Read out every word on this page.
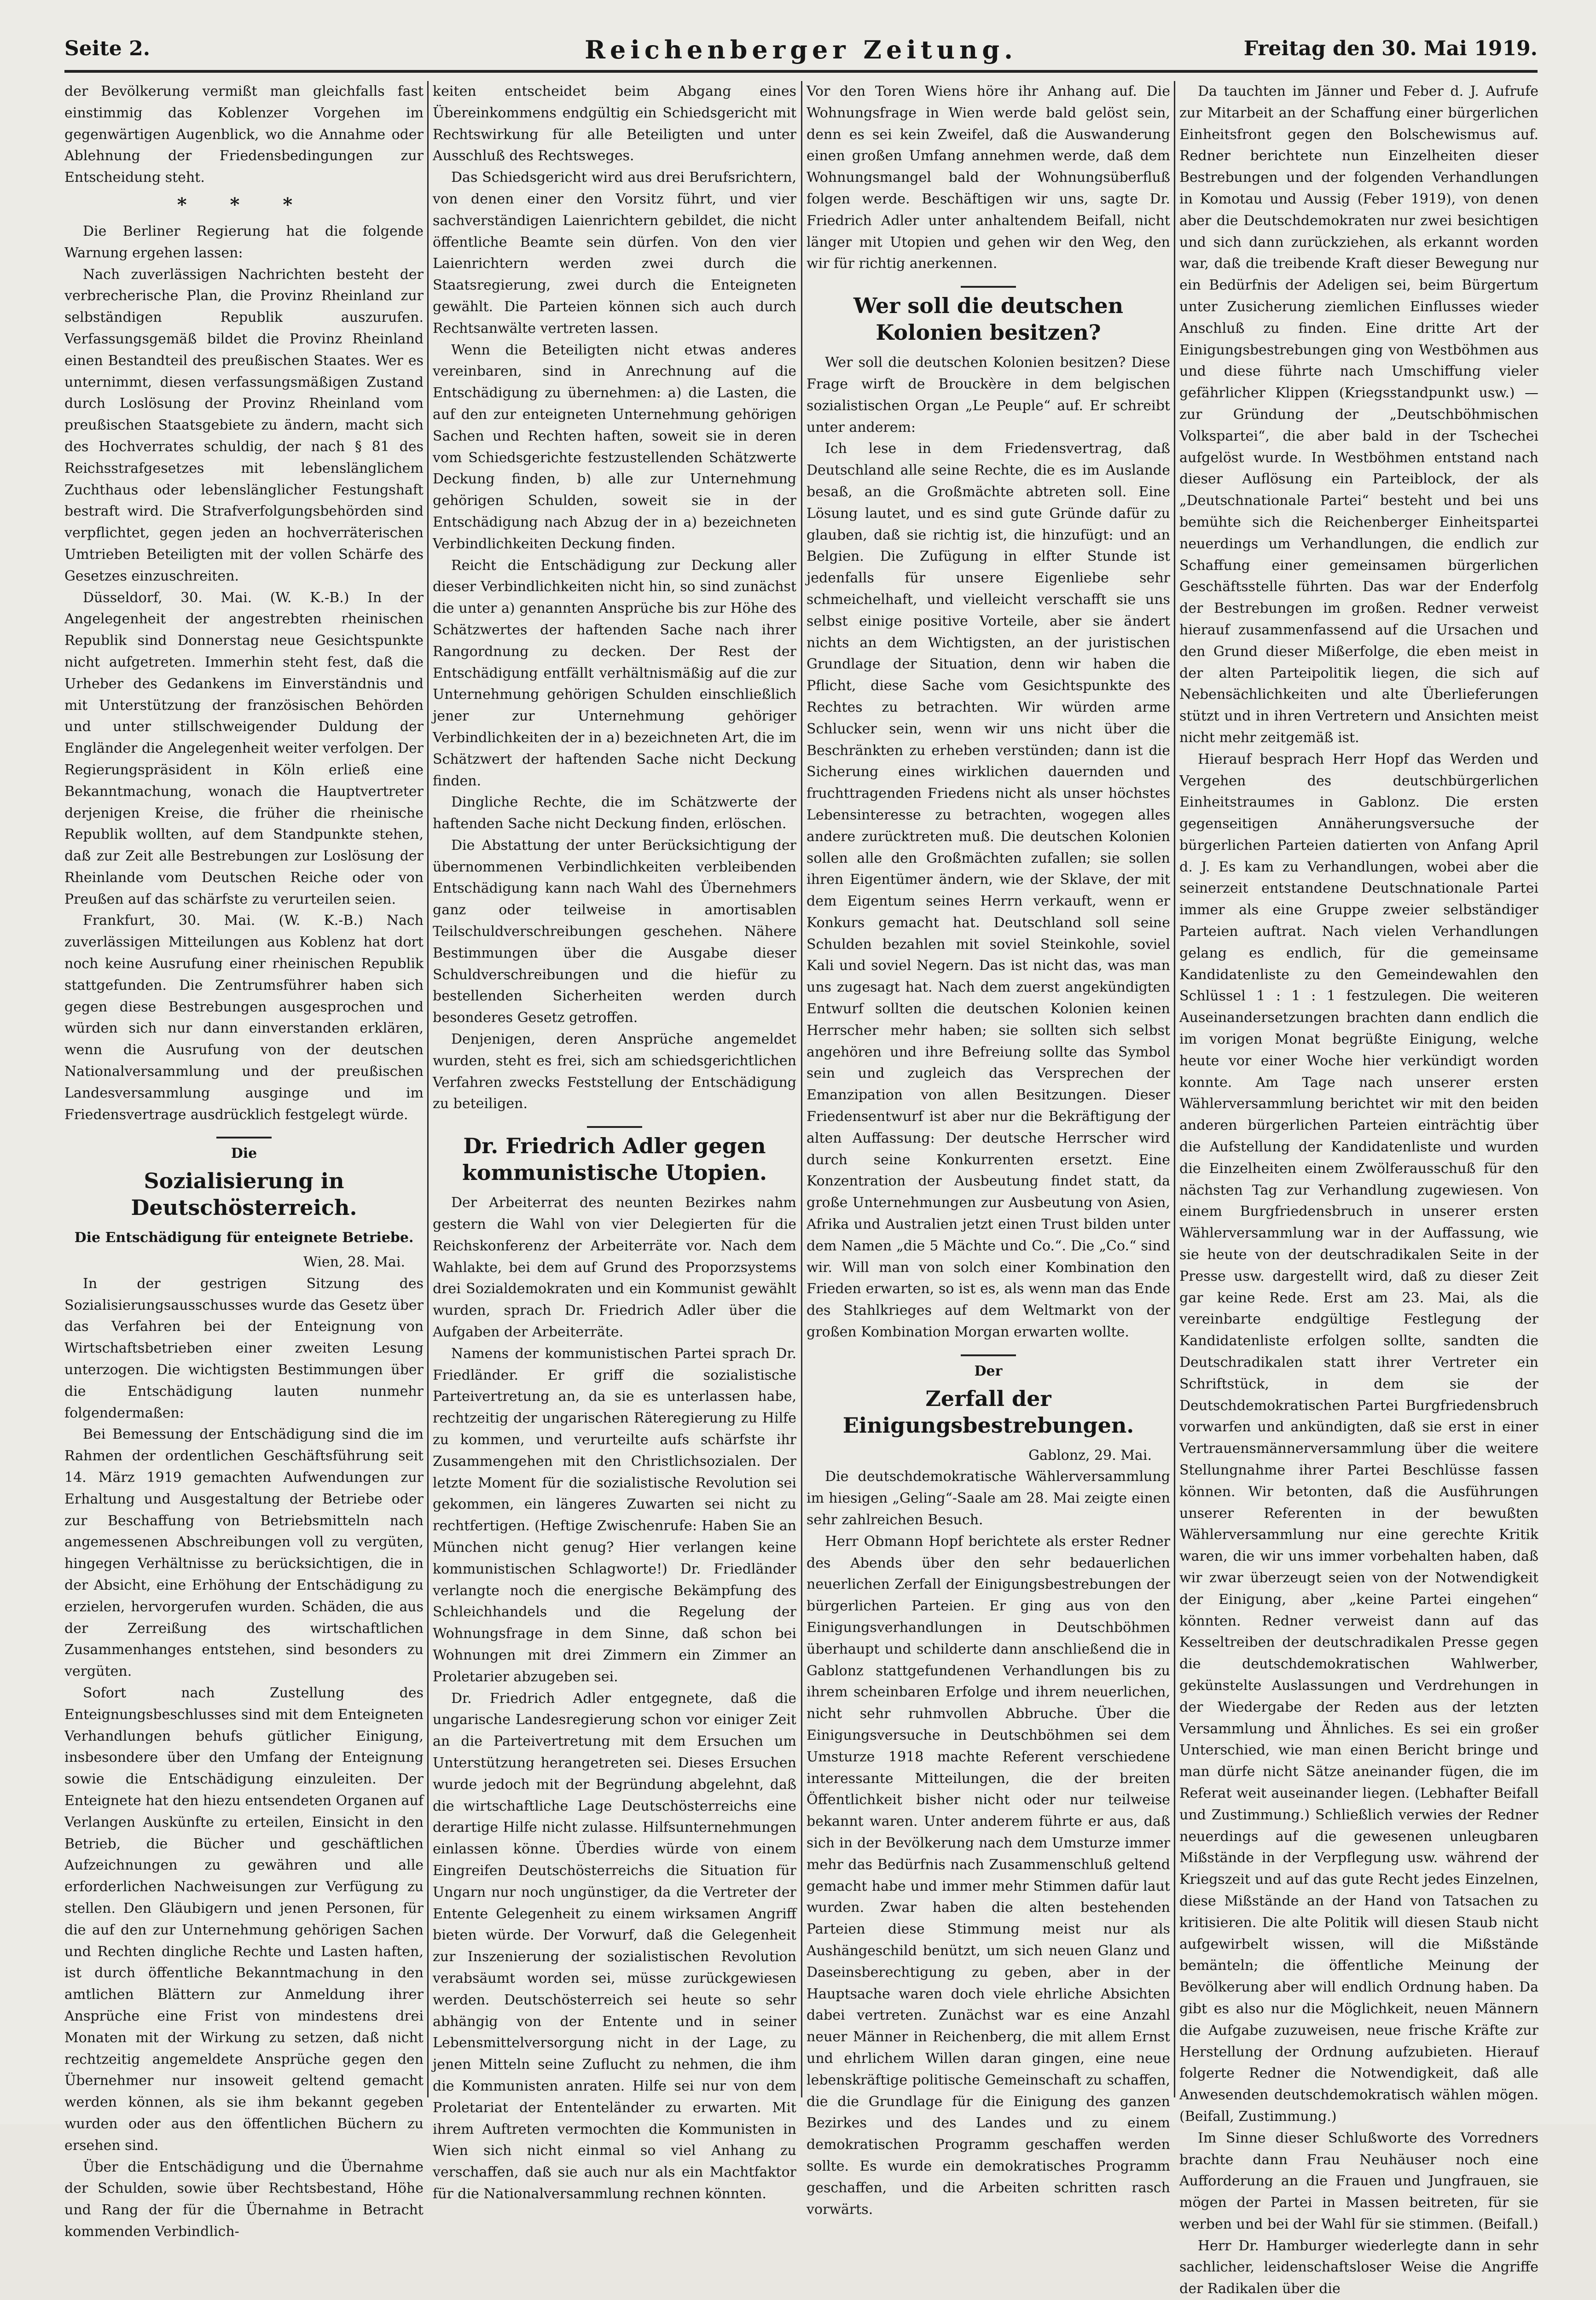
Seite 2.	Reichenberger Zeitung.	Freitag den 30. Mai 1919.

der Bevölkerung vermißt man gleichfalls fast einstimmig das Koblenzer Vorgehen im gegenwärtigen Augenblick, wo die Annahme oder Ablehnung der Friedensbedingungen zur Entscheidung steht.

* * *

Die Berliner Regierung hat die folgende Warnung ergehen lassen:

Nach zuverlässigen Nachrichten besteht der verbrecherische Plan, die Provinz Rheinland zur selbständigen Republik auszurufen. Verfassungsgemäß bildet die Provinz Rheinland einen Bestandteil des preußischen Staates. Wer es unternimmt, diesen verfassungsmäßigen Zustand durch Loslösung der Provinz Rheinland vom preußischen Staatsgebiete zu ändern, macht sich des Hochverrates schuldig, der nach § 81 des Reichsstrafgesetzes mit lebenslänglichem Zuchthaus oder lebenslänglicher Festungshaft bestraft wird. Die Strafverfolgungsbehörden sind verpflichtet, gegen jeden an hochverräterischen Umtrieben Beteiligten mit der vollen Schärfe des Gesetzes einzuschreiten.

Düsseldorf, 30. Mai. (W. K.-B.) In der Angelegenheit der angestrebten rheinischen Republik sind Donnerstag neue Gesichtspunkte nicht aufgetreten. Immerhin steht fest, daß die Urheber des Gedankens im Einverständnis und mit Unterstützung der französischen Behörden und unter stillschweigender Duldung der Engländer die Angelegenheit weiter verfolgen. Der Regierungspräsident in Köln erließ eine Bekanntmachung, wonach die Hauptvertreter derjenigen Kreise, die früher die rheinische Republik wollten, auf dem Standpunkte stehen, daß zur Zeit alle Bestrebungen zur Loslösung der Rheinlande vom Deutschen Reiche oder von Preußen auf das schärfste zu verurteilen seien.

Frankfurt, 30. Mai. (W. K.-B.) Nach zuverlässigen Mitteilungen aus Koblenz hat dort noch keine Ausrufung einer rheinischen Republik stattgefunden. Die Zentrumsführer haben sich gegen diese Bestrebungen ausgesprochen und würden sich nur dann einverstanden erklären, wenn die Ausrufung von der deutschen Nationalversammlung und der preußischen Landesversammlung ausginge und im Friedensvertrage ausdrücklich festgelegt würde.

Die
Sozialisierung in Deutschösterreich.
Die Entschädigung für enteignete Betriebe.
Wien, 28. Mai.

In der gestrigen Sitzung des Sozialisierungsausschusses wurde das Gesetz über das Verfahren bei der Enteignung von Wirtschaftsbetrieben einer zweiten Lesung unterzogen. Die wichtigsten Bestimmungen über die Entschädigung lauten nunmehr folgendermaßen:

Bei Bemessung der Entschädigung sind die im Rahmen der ordentlichen Geschäftsführung seit 14. März 1919 gemachten Aufwendungen zur Erhaltung und Ausgestaltung der Betriebe oder zur Beschaffung von Betriebsmitteln nach angemessenen Abschreibungen voll zu vergüten, hingegen Verhältnisse zu berücksichtigen, die in der Absicht, eine Erhöhung der Entschädigung zu erzielen, hervorgerufen wurden. Schäden, die aus der Zerreißung des wirtschaftlichen Zusammenhanges entstehen, sind besonders zu vergüten.

Sofort nach Zustellung des Enteignungsbeschlusses sind mit dem Enteigneten Verhandlungen behufs gütlicher Einigung, insbesondere über den Umfang der Enteignung sowie die Entschädigung einzuleiten. Der Enteignete hat den hiezu entsendeten Organen auf Verlangen Auskünfte zu erteilen, Einsicht in den Betrieb, die Bücher und geschäftlichen Aufzeichnungen zu gewähren und alle erforderlichen Nachweisungen zur Verfügung zu stellen. Den Gläubigern und jenen Personen, für die auf den zur Unternehmung gehörigen Sachen und Rechten dingliche Rechte und Lasten haften, ist durch öffentliche Bekanntmachung in den amtlichen Blättern zur Anmeldung ihrer Ansprüche eine Frist von mindestens drei Monaten mit der Wirkung zu setzen, daß nicht rechtzeitig angemeldete Ansprüche gegen den Übernehmer nur insoweit geltend gemacht werden können, als sie ihm bekannt gegeben wurden oder aus den öffentlichen Büchern zu ersehen sind.

Über die Entschädigung und die Übernahme der Schulden, sowie über Rechtsbestand, Höhe und Rang der für die Übernahme in Betracht kommenden Verbindlich-

keiten entscheidet beim Abgang eines Übereinkommens endgültig ein Schiedsgericht mit Rechtswirkung für alle Beteiligten und unter Ausschluß des Rechtsweges.

Das Schiedsgericht wird aus drei Berufsrichtern, von denen einer den Vorsitz führt, und vier sachverständigen Laienrichtern gebildet, die nicht öffentliche Beamte sein dürfen. Von den vier Laienrichtern werden zwei durch die Staatsregierung, zwei durch die Enteigneten gewählt. Die Parteien können sich auch durch Rechtsanwälte vertreten lassen.

Wenn die Beteiligten nicht etwas anderes vereinbaren, sind in Anrechnung auf die Entschädigung zu übernehmen: a) die Lasten, die auf den zur enteigneten Unternehmung gehörigen Sachen und Rechten haften, soweit sie in deren vom Schiedsgerichte festzustellenden Schätzwerte Deckung finden, b) alle zur Unternehmung gehörigen Schulden, soweit sie in der Entschädigung nach Abzug der in a) bezeichneten Verbindlichkeiten Deckung finden.

Reicht die Entschädigung zur Deckung aller dieser Verbindlichkeiten nicht hin, so sind zunächst die unter a) genannten Ansprüche bis zur Höhe des Schätzwertes der haftenden Sache nach ihrer Rangordnung zu decken. Der Rest der Entschädigung entfällt verhältnismäßig auf die zur Unternehmung gehörigen Schulden einschließlich jener zur Unternehmung gehöriger Verbindlichkeiten der in a) bezeichneten Art, die im Schätzwert der haftenden Sache nicht Deckung finden.

Dingliche Rechte, die im Schätzwerte der haftenden Sache nicht Deckung finden, erlöschen.

Die Abstattung der unter Berücksichtigung der übernommenen Verbindlichkeiten verbleibenden Entschädigung kann nach Wahl des Übernehmers ganz oder teilweise in amortisablen Teilschuldverschreibungen geschehen. Nähere Bestimmungen über die Ausgabe dieser Schuldverschreibungen und die hiefür zu bestellenden Sicherheiten werden durch besonderes Gesetz getroffen.

Denjenigen, deren Ansprüche angemeldet wurden, steht es frei, sich am schiedsgerichtlichen Verfahren zwecks Feststellung der Entschädigung zu beteiligen.

Dr. Friedrich Adler gegen kommunistische Utopien.

Der Arbeiterrat des neunten Bezirkes nahm gestern die Wahl von vier Delegierten für die Reichskonferenz der Arbeiterräte vor. Nach dem Wahlakte, bei dem auf Grund des Proporzsystems drei Sozialdemokraten und ein Kommunist gewählt wurden, sprach Dr. Friedrich Adler über die Aufgaben der Arbeiterräte.

Namens der kommunistischen Partei sprach Dr. Friedländer. Er griff die sozialistische Parteivertretung an, da sie es unterlassen habe, rechtzeitig der ungarischen Räteregierung zu Hilfe zu kommen, und verurteilte aufs schärfste ihr Zusammengehen mit den Christlichsozialen. Der letzte Moment für die sozialistische Revolution sei gekommen, ein längeres Zuwarten sei nicht zu rechtfertigen. (Heftige Zwischenrufe: Haben Sie an München nicht genug? Hier verlangen keine kommunistischen Schlagworte!) Dr. Friedländer verlangte noch die energische Bekämpfung des Schleichhandels und die Regelung der Wohnungsfrage in dem Sinne, daß schon bei Wohnungen mit drei Zimmern ein Zimmer an Proletarier abzugeben sei.

Dr. Friedrich Adler entgegnete, daß die ungarische Landesregierung schon vor einiger Zeit an die Parteivertretung mit dem Ersuchen um Unterstützung herangetreten sei. Dieses Ersuchen wurde jedoch mit der Begründung abgelehnt, daß die wirtschaftliche Lage Deutschösterreichs eine derartige Hilfe nicht zulasse. Hilfsunternehmungen einlassen könne. Überdies würde von einem Eingreifen Deutschösterreichs die Situation für Ungarn nur noch ungünstiger, da die Vertreter der Entente Gelegenheit zu einem wirksamen Angriff bieten würde. Der Vorwurf, daß die Gelegenheit zur Inszenierung der sozialistischen Revolution verabsäumt worden sei, müsse zurückgewiesen werden. Deutschösterreich sei heute so sehr abhängig von der Entente und in seiner Lebensmittelversorgung nicht in der Lage, zu jenen Mitteln seine Zuflucht zu nehmen, die ihm die Kommunisten anraten. Hilfe sei nur von dem Proletariat der Ententeländer zu erwarten. Mit ihrem Auftreten vermochten die Kommunisten in Wien sich nicht einmal so viel Anhang zu verschaffen, daß sie auch nur als ein Machtfaktor für die Nationalversammlung rechnen könnten.

Vor den Toren Wiens höre ihr Anhang auf. Die Wohnungsfrage in Wien werde bald gelöst sein, denn es sei kein Zweifel, daß die Auswanderung einen großen Umfang annehmen werde, daß dem Wohnungsmangel bald der Wohnungsüberfluß folgen werde. Beschäftigen wir uns, sagte Dr. Friedrich Adler unter anhaltendem Beifall, nicht länger mit Utopien und gehen wir den Weg, den wir für richtig anerkennen.

Wer soll die deutschen Kolonien besitzen?

Wer soll die deutschen Kolonien besitzen? Diese Frage wirft de Brouckère in dem belgischen sozialistischen Organ „Le Peuple“ auf. Er schreibt unter anderem:

Ich lese in dem Friedensvertrag, daß Deutschland alle seine Rechte, die es im Auslande besaß, an die Großmächte abtreten soll. Eine Lösung lautet, und es sind gute Gründe dafür zu glauben, daß sie richtig ist, die hinzufügt: und an Belgien. Die Zufügung in elfter Stunde ist jedenfalls für unsere Eigenliebe sehr schmeichelhaft, und vielleicht verschafft sie uns selbst einige positive Vorteile, aber sie ändert nichts an dem Wichtigsten, an der juristischen Grundlage der Situation, denn wir haben die Pflicht, diese Sache vom Gesichtspunkte des Rechtes zu betrachten. Wir würden arme Schlucker sein, wenn wir uns nicht über die Beschränkten zu erheben verstünden; dann ist die Sicherung eines wirklichen dauernden und fruchttragenden Friedens nicht als unser höchstes Lebensinteresse zu betrachten, wogegen alles andere zurücktreten muß. Die deutschen Kolonien sollen alle den Großmächten zufallen; sie sollen ihren Eigentümer ändern, wie der Sklave, der mit dem Eigentum seines Herrn verkauft, wenn er Konkurs gemacht hat. Deutschland soll seine Schulden bezahlen mit soviel Steinkohle, soviel Kali und soviel Negern. Das ist nicht das, was man uns zugesagt hat. Nach dem zuerst angekündigten Entwurf sollten die deutschen Kolonien keinen Herrscher mehr haben; sie sollten sich selbst angehören und ihre Befreiung sollte das Symbol sein und zugleich das Versprechen der Emanzipation von allen Besitzungen. Dieser Friedensentwurf ist aber nur die Bekräftigung der alten Auffassung: Der deutsche Herrscher wird durch seine Konkurrenten ersetzt. Eine Konzentration der Ausbeutung findet statt, da große Unternehmungen zur Ausbeutung von Asien, Afrika und Australien jetzt einen Trust bilden unter dem Namen „die 5 Mächte und Co.“. Die „Co.“ sind wir. Will man von solch einer Kombination den Frieden erwarten, so ist es, als wenn man das Ende des Stahlkrieges auf dem Weltmarkt von der großen Kombination Morgan erwarten wollte.

Der
Zerfall der Einigungsbestrebungen.
Gablonz, 29. Mai.

Die deutschdemokratische Wählerversammlung im hiesigen „Geling“-Saale am 28. Mai zeigte einen sehr zahlreichen Besuch.

Herr Obmann Hopf berichtete als erster Redner des Abends über den sehr bedauerlichen neuerlichen Zerfall der Einigungsbestrebungen der bürgerlichen Parteien. Er ging aus von den Einigungsverhandlungen in Deutschböhmen überhaupt und schilderte dann anschließend die in Gablonz stattgefundenen Verhandlungen bis zu ihrem scheinbaren Erfolge und ihrem neuerlichen, nicht sehr ruhmvollen Abbruche. Über die Einigungsversuche in Deutschböhmen sei dem Umsturze 1918 machte Referent verschiedene interessante Mitteilungen, die der breiten Öffentlichkeit bisher nicht oder nur teilweise bekannt waren. Unter anderem führte er aus, daß sich in der Bevölkerung nach dem Umsturze immer mehr das Bedürfnis nach Zusammenschluß geltend gemacht habe und immer mehr Stimmen dafür laut wurden. Zwar haben die alten bestehenden Parteien diese Stimmung meist nur als Aushängeschild benützt, um sich neuen Glanz und Daseinsberechtigung zu geben, aber in der Hauptsache waren doch viele ehrliche Absichten dabei vertreten. Zunächst war es eine Anzahl neuer Männer in Reichenberg, die mit allem Ernst und ehrlichem Willen daran gingen, eine neue lebenskräftige politische Gemeinschaft zu schaffen, die die Grundlage für die Einigung des ganzen Bezirkes und des Landes und zu einem demokratischen Programm geschaffen werden sollte. Es wurde ein demokratisches Programm geschaffen, und die Arbeiten schritten rasch vorwärts.

Da tauchten im Jänner und Feber d. J. Aufrufe zur Mitarbeit an der Schaffung einer bürgerlichen Einheitsfront gegen den Bolschewismus auf. Redner berichtete nun Einzelheiten dieser Bestrebungen und der folgenden Verhandlungen in Komotau und Aussig (Feber 1919), von denen aber die Deutschdemokraten nur zwei besichtigen und sich dann zurückziehen, als erkannt worden war, daß die treibende Kraft dieser Bewegung nur ein Bedürfnis der Adeligen sei, beim Bürgertum unter Zusicherung ziemlichen Einflusses wieder Anschluß zu finden. Eine dritte Art der Einigungsbestrebungen ging von Westböhmen aus und diese führte nach Umschiffung vieler gefährlicher Klippen (Kriegsstandpunkt usw.) — zur Gründung der „Deutschböhmischen Volkspartei“, die aber bald in der Tschechei aufgelöst wurde. In Westböhmen entstand nach dieser Auflösung ein Parteiblock, der als „Deutschnationale Partei“ besteht und bei uns bemühte sich die Reichenberger Einheitspartei neuerdings um Verhandlungen, die endlich zur Schaffung einer gemeinsamen bürgerlichen Geschäftsstelle führten. Das war der Enderfolg der Bestrebungen im großen. Redner verweist hierauf zusammenfassend auf die Ursachen und den Grund dieser Mißerfolge, die eben meist in der alten Parteipolitik liegen, die sich auf Nebensächlichkeiten und alte Überlieferungen stützt und in ihren Vertretern und Ansichten meist nicht mehr zeitgemäß ist.

Hierauf besprach Herr Hopf das Werden und Vergehen des deutschbürgerlichen Einheitstraumes in Gablonz. Die ersten gegenseitigen Annäherungsversuche der bürgerlichen Parteien datierten von Anfang April d. J. Es kam zu Verhandlungen, wobei aber die seinerzeit entstandene Deutschnationale Partei immer als eine Gruppe zweier selbständiger Parteien auftrat. Nach vielen Verhandlungen gelang es endlich, für die gemeinsame Kandidatenliste zu den Gemeindewahlen den Schlüssel 1 : 1 : 1 festzulegen. Die weiteren Auseinandersetzungen brachten dann endlich die im vorigen Monat begrüßte Einigung, welche heute vor einer Woche hier verkündigt worden konnte. Am Tage nach unserer ersten Wählerversammlung berichtet wir mit den beiden anderen bürgerlichen Parteien einträchtig über die Aufstellung der Kandidatenliste und wurden die Einzelheiten einem Zwölferausschuß für den nächsten Tag zur Verhandlung zugewiesen. Von einem Burgfriedensbruch in unserer ersten Wählerversammlung war in der Auffassung, wie sie heute von der deutschradikalen Seite in der Presse usw. dargestellt wird, daß zu dieser Zeit gar keine Rede. Erst am 23. Mai, als die vereinbarte endgültige Festlegung der Kandidatenliste erfolgen sollte, sandten die Deutschradikalen statt ihrer Vertreter ein Schriftstück, in dem sie der Deutschdemokratischen Partei Burgfriedensbruch vorwarfen und ankündigten, daß sie erst in einer Vertrauensmännerversammlung über die weitere Stellungnahme ihrer Partei Beschlüsse fassen können. Wir betonten, daß die Ausführungen unserer Referenten in der bewußten Wählerversammlung nur eine gerechte Kritik waren, die wir uns immer vorbehalten haben, daß wir zwar überzeugt seien von der Notwendigkeit der Einigung, aber „keine Partei eingehen“ könnten. Redner verweist dann auf das Kesseltreiben der deutschradikalen Presse gegen die deutschdemokratischen Wahlwerber, gekünstelte Auslassungen und Verdrehungen in der Wiedergabe der Reden aus der letzten Versammlung und Ähnliches. Es sei ein großer Unterschied, wie man einen Bericht bringe und man dürfe nicht Sätze aneinander fügen, die im Referat weit auseinander liegen. (Lebhafter Beifall und Zustimmung.) Schließlich verwies der Redner neuerdings auf die gewesenen unleugbaren Mißstände in der Verpflegung usw. während der Kriegszeit und auf das gute Recht jedes Einzelnen, diese Mißstände an der Hand von Tatsachen zu kritisieren. Die alte Politik will diesen Staub nicht aufgewirbelt wissen, will die Mißstände bemänteln; die öffentliche Meinung der Bevölkerung aber will endlich Ordnung haben. Da gibt es also nur die Möglichkeit, neuen Männern die Aufgabe zuzuweisen, neue frische Kräfte zur Herstellung der Ordnung aufzubieten. Hierauf folgerte Redner die Notwendigkeit, daß alle Anwesenden deutschdemokratisch wählen mögen. (Beifall, Zustimmung.)

Im Sinne dieser Schlußworte des Vorredners brachte dann Frau Neuhäuser noch eine Aufforderung an die Frauen und Jungfrauen, sie mögen der Partei in Massen beitreten, für sie werben und bei der Wahl für sie stimmen. (Beifall.)

Herr Dr. Hamburger wiederlegte dann in sehr sachlicher, leidenschaftsloser Weise die Angriffe der Radikalen über die
